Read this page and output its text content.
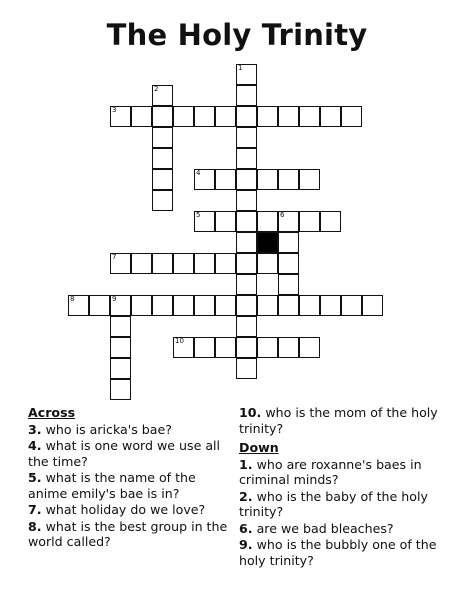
The Holy Trinity
3
4
5	6
7
8	9
10
1
2
Across
3. who is aricka's bae?
4. what is one word we use all the time?
5. what is the name of the anime emily's bae is in?
7. what holiday do we love?
8. what is the best group in the world called?
10. who is the mom of the holy trinity?
Down
1. who are roxanne's baes in criminal minds?
2. who is the baby of the holy trinity?
6. are we bad bleaches?
9. who is the bubbly one of the holy trinity?
